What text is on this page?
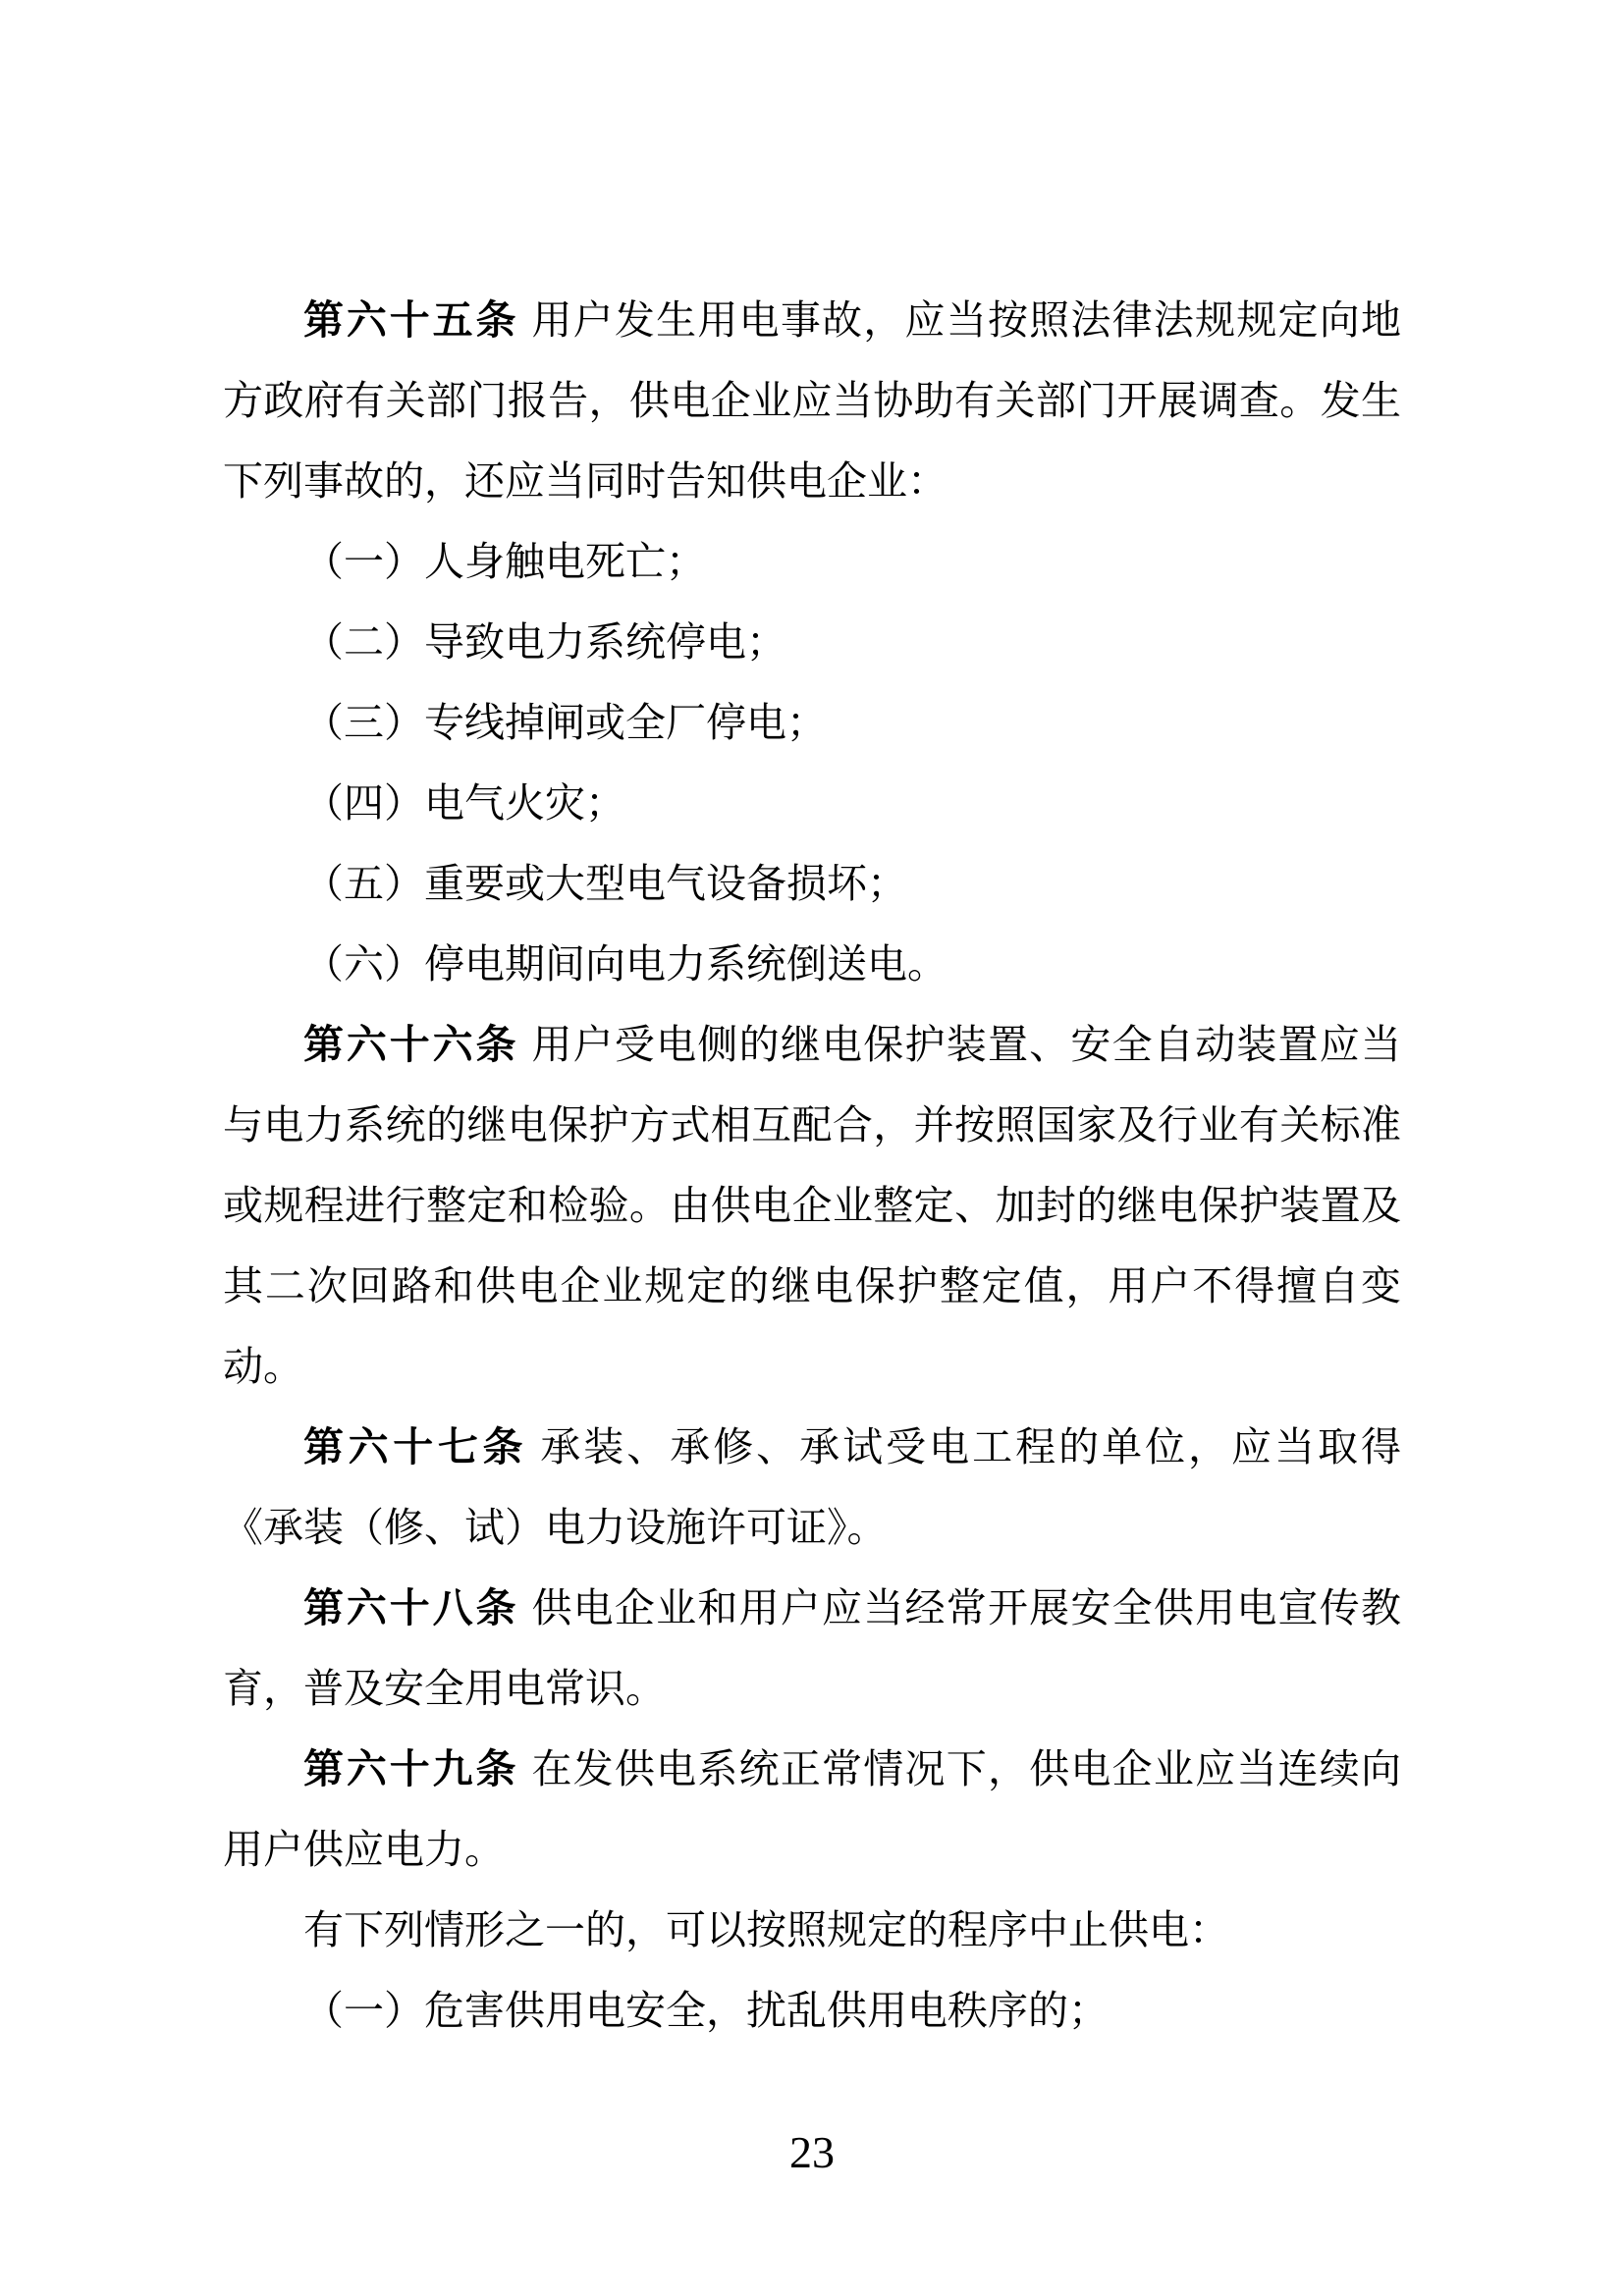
第六十五条 用户发生用电事故，应当按照法律法规规定向地方政府有关部门报告，供电企业应当协助有关部门开展调查。发生下列事故的，还应当同时告知供电企业：

（一）人身触电死亡；

（二）导致电力系统停电；

（三）专线掉闸或全厂停电；

（四）电气火灾；

（五）重要或大型电气设备损坏；

（六）停电期间向电力系统倒送电。

第六十六条 用户受电侧的继电保护装置、安全自动装置应当与电力系统的继电保护方式相互配合，并按照国家及行业有关标准或规程进行整定和检验。由供电企业整定、加封的继电保护装置及其二次回路和供电企业规定的继电保护整定值，用户不得擅自变动。

第六十七条 承装、承修、承试受电工程的单位，应当取得《承装（修、试）电力设施许可证》。

第六十八条 供电企业和用户应当经常开展安全供用电宣传教育，普及安全用电常识。

第六十九条 在发供电系统正常情况下，供电企业应当连续向用户供应电力。

有下列情形之一的，可以按照规定的程序中止供电：

（一）危害供用电安全，扰乱供用电秩序的；

23
